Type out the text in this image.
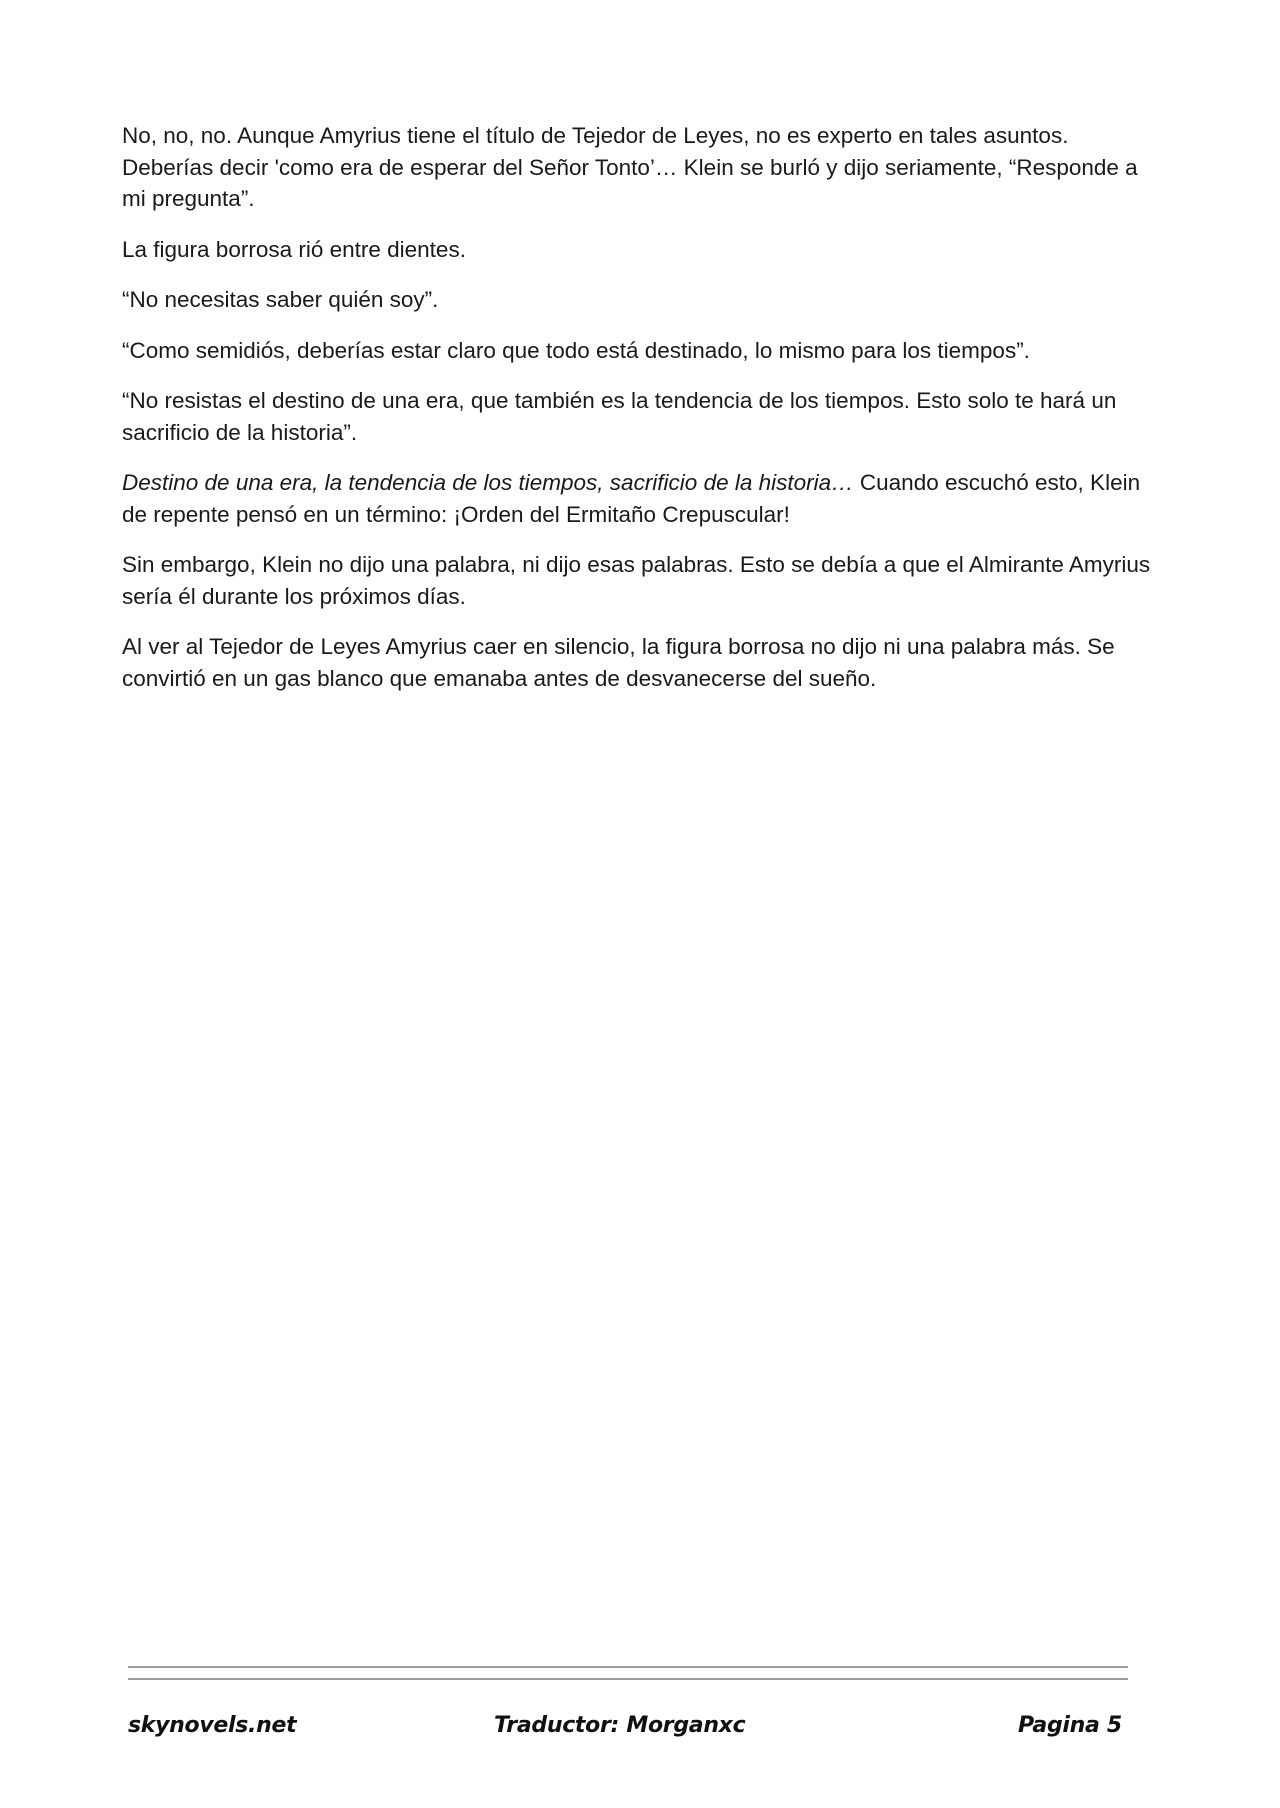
No, no, no. Aunque Amyrius tiene el título de Tejedor de Leyes, no es experto en tales asuntos. Deberías decir 'como era de esperar del Señor Tonto’… Klein se burló y dijo seriamente, “Responde a mi pregunta”.

La figura borrosa rió entre dientes.

“No necesitas saber quién soy”.

“Como semidiós, deberías estar claro que todo está destinado, lo mismo para los tiempos”.

“No resistas el destino de una era, que también es la tendencia de los tiempos. Esto solo te hará un sacrificio de la historia”.

Destino de una era, la tendencia de los tiempos, sacrificio de la historia… Cuando escuchó esto, Klein de repente pensó en un término: ¡Orden del Ermitaño Crepuscular!

Sin embargo, Klein no dijo una palabra, ni dijo esas palabras. Esto se debía a que el Almirante Amyrius sería él durante los próximos días.

Al ver al Tejedor de Leyes Amyrius caer en silencio, la figura borrosa no dijo ni una palabra más. Se convirtió en un gas blanco que emanaba antes de desvanecerse del sueño.

skynovels.net	Traductor: Morganxc	Pagina 5
